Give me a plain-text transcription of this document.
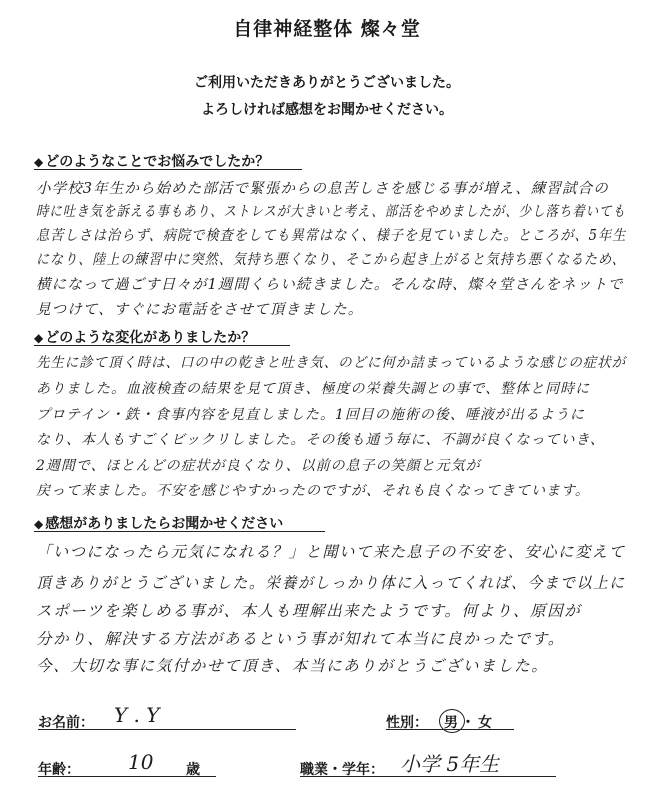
自律神経整体 燦々堂
ご利用いただきありがとうございました。
よろしければ感想をお聞かせください。
◆ どのようなことでお悩みでしたか？
小学校3年生から始めた部活で緊張からの息苦しさを感じる事が増え、練習試合の
時に吐き気を訴える事もあり、ストレスが大きいと考え、部活をやめましたが、少し落ち着いても
息苦しさは治らず、病院で検査をしても異常はなく、様子を見ていました。ところが、5年生
になり、陸上の練習中に突然、気持ち悪くなり、そこから起き上がると気持ち悪くなるため、
横になって過ごす日々が1週間くらい続きました。そんな時、燦々堂さんをネットで
見つけて、すぐにお電話をさせて頂きました。
◆ どのような変化がありましたか？
先生に診て頂く時は、口の中の乾きと吐き気、のどに何か詰まっているような感じの症状が
ありました。血液検査の結果を見て頂き、極度の栄養失調との事で、整体と同時に
プロテイン・鉄・食事内容を見直しました。1回目の施術の後、唾液が出るように
なり、本人もすごくビックリしました。その後も通う毎に、不調が良くなっていき、
2週間で、ほとんどの症状が良くなり、以前の息子の笑顔と元気が
戻って来ました。不安を感じやすかったのですが、それも良くなってきています。
◆ 感想がありましたらお聞かせください
「いつになったら元気になれる？」と聞いて来た息子の不安を、安心に変えて
頂きありがとうございました。栄養がしっかり体に入ってくれば、今まで以上に
スポーツを楽しめる事が、本人も理解出来たようです。何より、原因が
分かり、解決する方法があるという事が知れて本当に良かったです。
今、大切な事に気付かせて頂き、本当にありがとうございました。
お名前： Y . Y	性別： 男 ・ 女
年齢： 10 歳	職業・学年： 小学 5年生
